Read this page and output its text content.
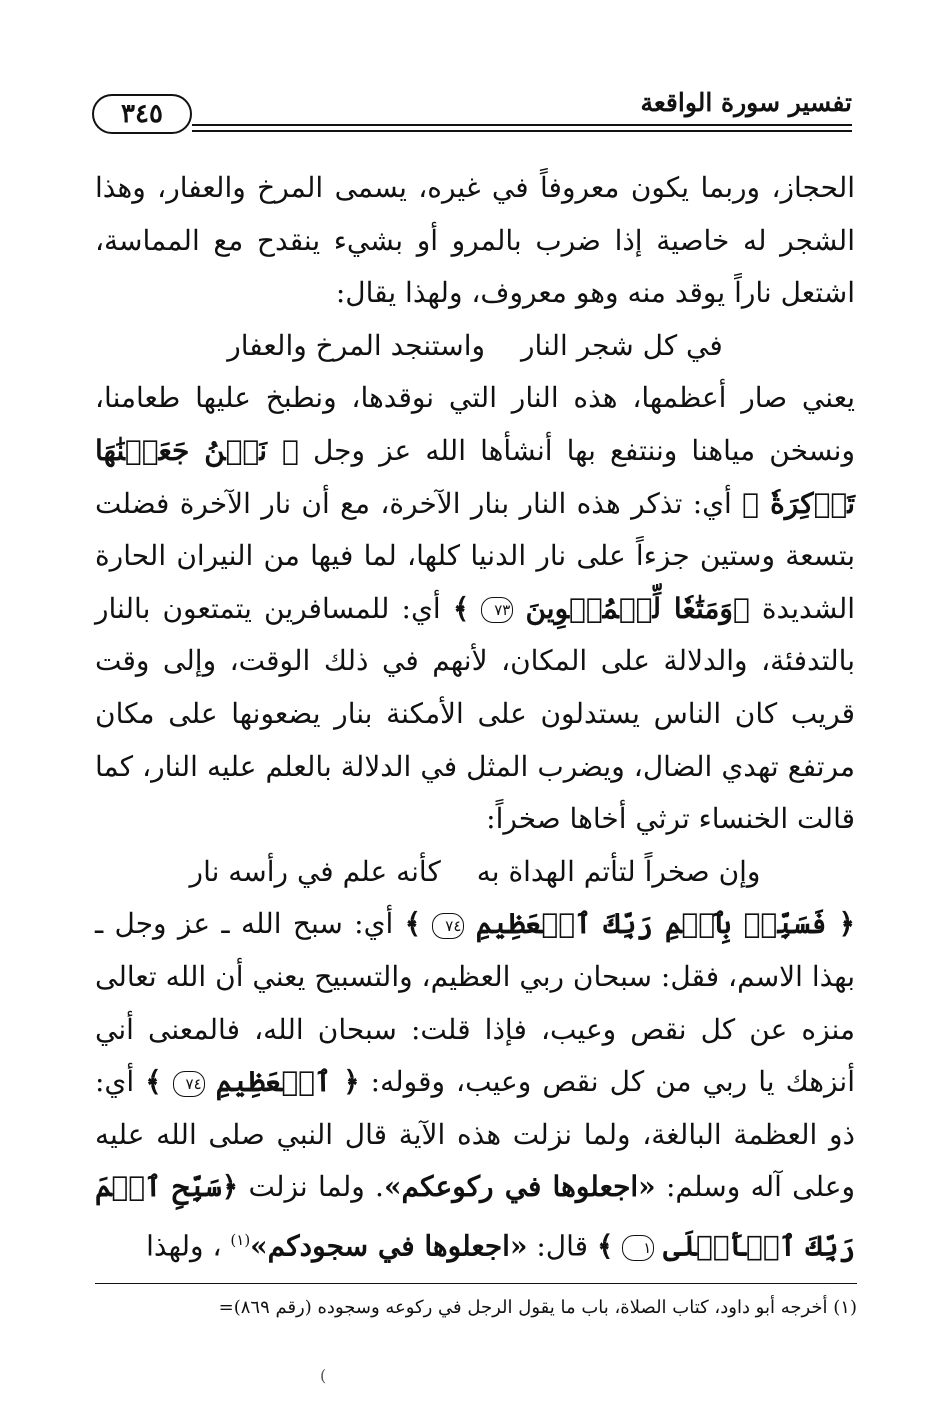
٣٤٥	تفسير سورة الواقعة

الحجاز، وربما يكون معروفاً في غيره، يسمى المرخ والعفار، وهذا الشجر له خاصية إذا ضرب بالمرو أو بشيء ينقدح مع المماسة، اشتعل ناراً يوقد منه وهو معروف، ولهذا يقال:

في كل شجر النارواستنجد المرخ والعفار

يعني صار أعظمها، هذه النار التي نوقدها، ونطبخ عليها طعامنا، ونسخن مياهنا وننتفع بها أنشأها الله عز وجل ﴿ نَحۡنُ جَعَلۡنَٰهَا تَذۡكِرَةٗ ﴾ أي: تذكر هذه النار بنار الآخرة، مع أن نار الآخرة فضلت بتسعة وستين جزءاً على نار الدنيا كلها، لما فيها من النيران الحارة الشديدة ﴿وَمَتَٰعٗا لِّلۡمُقۡوِينَ ٧٣ ﴾ أي: للمسافرين يتمتعون بالنار بالتدفئة، والدلالة على المكان، لأنهم في ذلك الوقت، وإلى وقت قريب كان الناس يستدلون على الأمكنة بنار يضعونها على مكان مرتفع تهدي الضال، ويضرب المثل في الدلالة بالعلم عليه النار، كما قالت الخنساء ترثي أخاها صخراً:

وإن صخراً لتأتم الهداة بهكأنه علم في رأسه نار

﴿ فَسَبِّحۡ بِٱسۡمِ رَبِّكَ ٱلۡعَظِيمِ ٧٤ ﴾ أي: سبح الله ـ عز وجل ـ بهذا الاسم، فقل: سبحان ربي العظيم، والتسبيح يعني أن الله تعالى منزه عن كل نقص وعيب، فإذا قلت: سبحان الله، فالمعنى أني أنزهك يا ربي من كل نقص وعيب، وقوله: ﴿ ٱلۡعَظِيمِ ٧٤ ﴾ أي: ذو العظمة البالغة، ولما نزلت هذه الآية قال النبي صلى الله عليه وعلى آله وسلم: «اجعلوها في ركوعكم». ولما نزلت ﴿سَبِّحِ ٱسۡمَ رَبِّكَ ٱلۡأَعۡلَى ١ ﴾ قال: «اجعلوها في سجودكم»$^{(١)}$ ، ولهذا

(١) أخرجه أبو داود، كتاب الصلاة، باب ما يقول الرجل في ركوعه وسجوده (رقم ٨٦٩)=
(
